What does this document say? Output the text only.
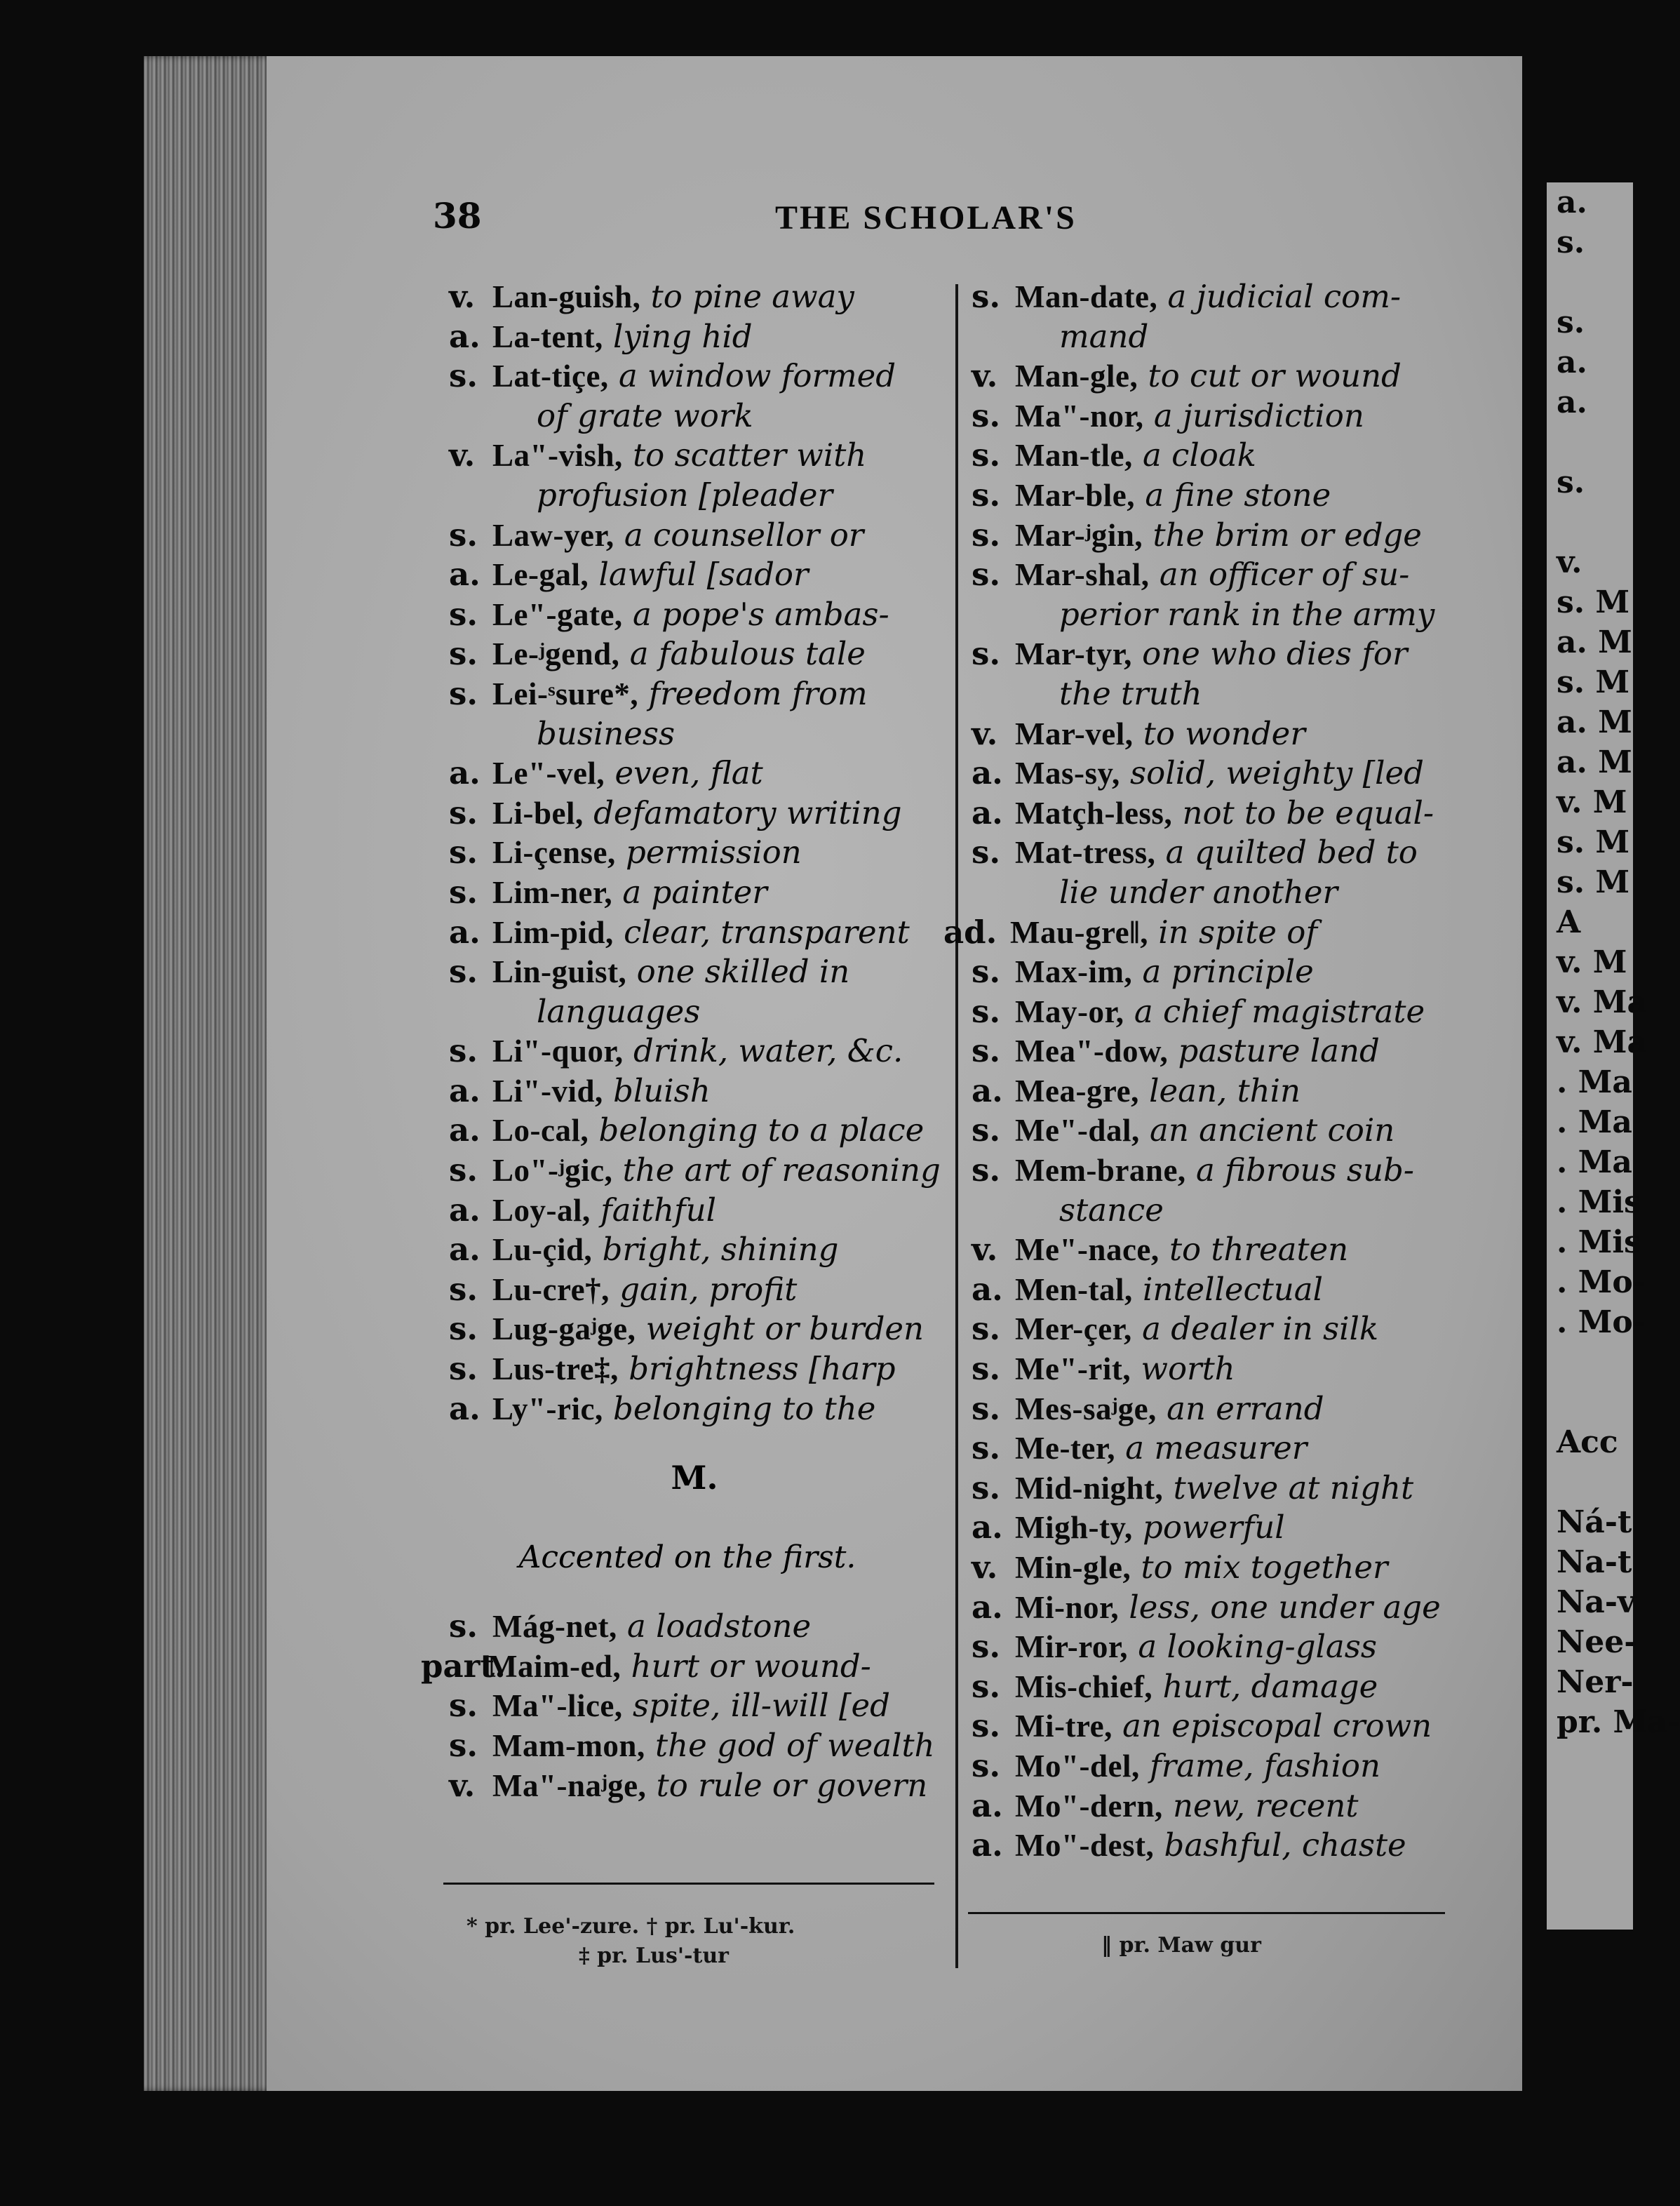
a.
s.

s.
a.
a.

s.

v.
s. M
a. M
s. M
a. M
a. M
v. M
s. M
s. M
A
v. M
v. Ma
v. Ma
. Ma
. Ma
. Ma
. Mis
. Mis
. Mo-
. Mo-

Acc

Ná-t
Na-t
Na-v
Nee-
Ner-
pr. Ma-
38	THE SCHOLAR'S
v. Lan-guish, to pine away
a. La-tent, lying hid
s. Lat-tiçe, a window formed
of grate work
v. La"-vish, to scatter with
profusion [pleader
s. Law-yer, a counsellor or
a. Le-gal, lawful [sador
s. Le"-gate, a pope's ambas-
s. Le-ʲgend, a fabulous tale
s. Lei-ˢsure*, freedom from
business
a. Le"-vel, even, flat
s. Li-bel, defamatory writing
s. Li-çense, permission
s. Lim-ner, a painter
a. Lim-pid, clear, transparent
s. Lin-guist, one skilled in
languages
s. Li"-quor, drink, water, &c.
a. Li"-vid, bluish
a. Lo-cal, belonging to a place
s. Lo"-ʲgic, the art of reasoning
a. Loy-al, faithful
a. Lu-çid, bright, shining
s. Lu-cre†, gain, profit
s. Lug-gaʲge, weight or burden
s. Lus-tre‡, brightness [harp
a. Ly"-ric, belonging to the
M.
Accented on the first.
s. Mág-net, a loadstone
part.Maim-ed, hurt or wound-
s. Ma"-lice, spite, ill-will [ed
s. Mam-mon, the god of wealth
v. Ma"-naʲge, to rule or govern
s. Man-date, a judicial com-
mand
v. Man-gle, to cut or wound
s. Ma"-nor, a jurisdiction
s. Man-tle, a cloak
s. Mar-ble, a fine stone
s. Mar-ʲgin, the brim or edge
s. Mar-shal, an officer of su-
perior rank in the army
s. Mar-tyr, one who dies for
the truth
v. Mar-vel, to wonder
a. Mas-sy, solid, weighty [led
a. Matçh-less, not to be equal-
s. Mat-tress, a quilted bed to
lie under another
ad. Mau-gre‖, in spite of
s. Max-im, a principle
s. May-or, a chief magistrate
s. Mea"-dow, pasture land
a. Mea-gre, lean, thin
s. Me"-dal, an ancient coin
s. Mem-brane, a fibrous sub-
stance
v. Me"-nace, to threaten
a. Men-tal, intellectual
s. Mer-çer, a dealer in silk
s. Me"-rit, worth
s. Mes-saʲge, an errand
s. Me-ter, a measurer
s. Mid-night, twelve at night
a. Migh-ty, powerful
v. Min-gle, to mix together
a. Mi-nor, less, one under age
s. Mir-ror, a looking-glass
s. Mis-chief, hurt, damage
s. Mi-tre, an episcopal crown
s. Mo"-del, frame, fashion
a. Mo"-dern, new, recent
a. Mo"-dest, bashful, chaste
* pr. Lee'-zure. † pr. Lu'-kur.
‡ pr. Lus'-tur	‖ pr. Maw gur
